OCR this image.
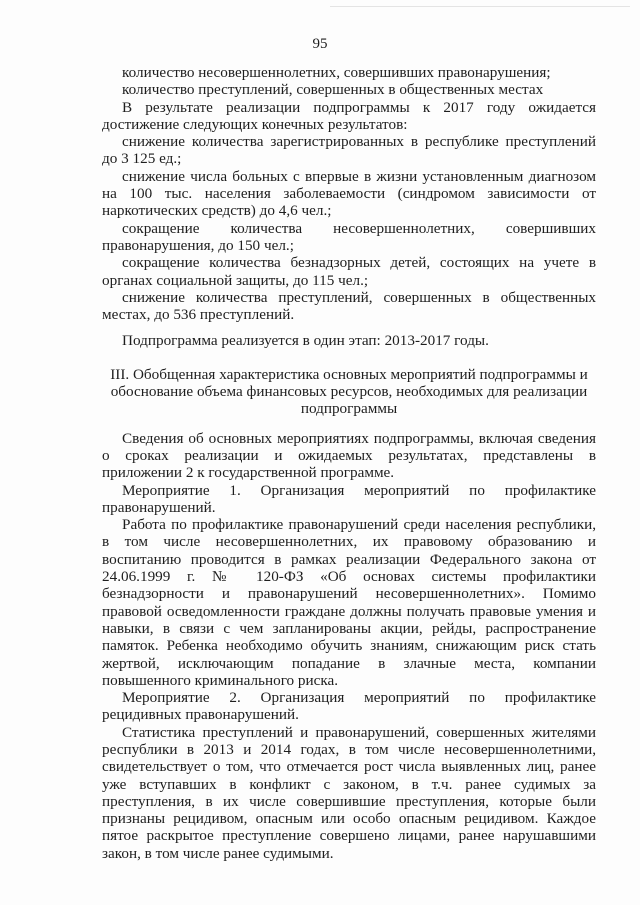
95

количество несовершеннолетних, совершивших правонарушения;

количество преступлений, совершенных в общественных местах

В результате реализации подпрограммы к 2017 году ожидается достижение следующих конечных результатов:

снижение количества зарегистрированных в республике преступлений до 3 125 ед.;

снижение числа больных с впервые в жизни установленным диагнозом на 100 тыс. населения заболеваемости (синдромом зависимости от наркотических средств) до 4,6 чел.;

сокращение количества несовершеннолетних, совершивших правонарушения, до 150 чел.;

сокращение количества безнадзорных детей, состоящих на учете в органах социальной защиты, до 115 чел.;

снижение количества преступлений, совершенных в общественных местах, до 536 преступлений.

Подпрограмма реализуется в один этап: 2013-2017 годы.

III. Обобщенная характеристика основных мероприятий подпрограммы и обоснование объема финансовых ресурсов, необходимых для реализации подпрограммы

Сведения об основных мероприятиях подпрограммы, включая сведения о сроках реализации и ожидаемых результатах, представлены в приложении 2 к государственной программе.

Мероприятие 1. Организация мероприятий по профилактике правонарушений.

Работа по профилактике правонарушений среди населения республики, в том числе несовершеннолетних, их правовому образованию и воспитанию проводится в рамках реализации Федерального закона от 24.06.1999 г. № 120-ФЗ «Об основах системы профилактики безнадзорности и правонарушений несовершеннолетних». Помимо правовой осведомленности граждане должны получать правовые умения и навыки, в связи с чем запланированы акции, рейды, распространение памяток. Ребенка необходимо обучить знаниям, снижающим риск стать жертвой, исключающим попадание в злачные места, компании повышенного криминального риска.

Мероприятие 2. Организация мероприятий по профилактике рецидивных правонарушений.

Статистика преступлений и правонарушений, совершенных жителями республики в 2013 и 2014 годах, в том числе несовершеннолетними, свидетельствует о том, что отмечается рост числа выявленных лиц, ранее уже вступавших в конфликт с законом, в т.ч. ранее судимых за преступления, в их числе совершившие преступления, которые были признаны рецидивом, опасным или особо опасным рецидивом. Каждое пятое раскрытое преступление совершено лицами, ранее нарушавшими закон, в том числе ранее судимыми.
